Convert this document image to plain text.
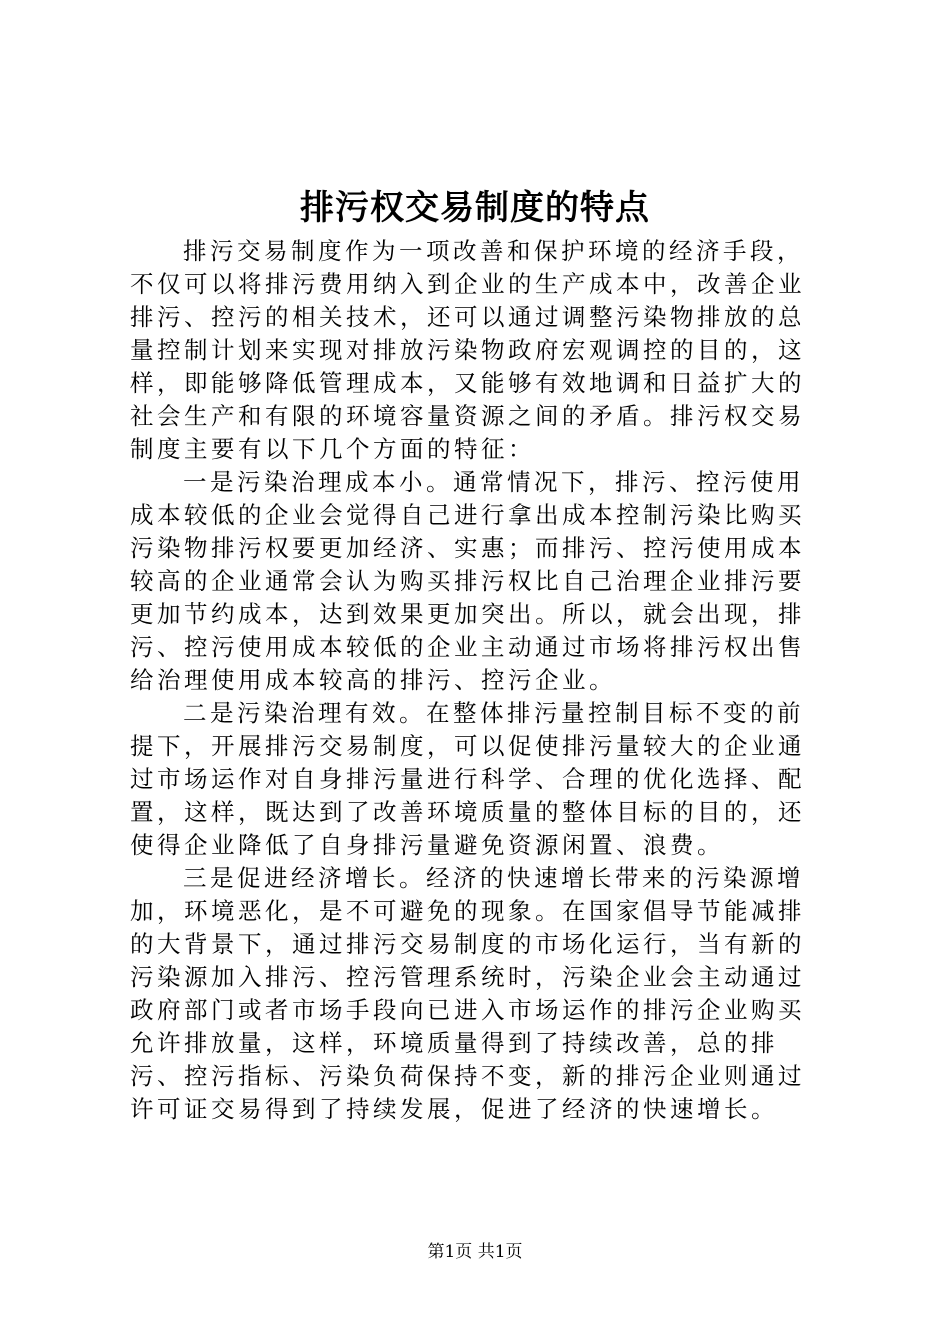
排污权交易制度的特点

排污交易制度作为一项改善和保护环境的经济手段，不仅可以将排污费用纳入到企业的生产成本中，改善企业排污、控污的相关技术，还可以通过调整污染物排放的总量控制计划来实现对排放污染物政府宏观调控的目的，这样，即能够降低管理成本，又能够有效地调和日益扩大的社会生产和有限的环境容量资源之间的矛盾。排污权交易制度主要有以下几个方面的特征：

一是污染治理成本小。通常情况下，排污、控污使用成本较低的企业会觉得自己进行拿出成本控制污染比购买污染物排污权要更加经济、实惠；而排污、控污使用成本较高的企业通常会认为购买排污权比自己治理企业排污要更加节约成本，达到效果更加突出。所以，就会出现，排污、控污使用成本较低的企业主动通过市场将排污权出售给治理使用成本较高的排污、控污企业。

二是污染治理有效。在整体排污量控制目标不变的前提下，开展排污交易制度，可以促使排污量较大的企业通过市场运作对自身排污量进行科学、合理的优化选择、配置，这样，既达到了改善环境质量的整体目标的目的，还使得企业降低了自身排污量避免资源闲置、浪费。

三是促进经济增长。经济的快速增长带来的污染源增加，环境恶化，是不可避免的现象。在国家倡导节能减排的大背景下，通过排污交易制度的市场化运行，当有新的污染源加入排污、控污管理系统时，污染企业会主动通过政府部门或者市场手段向已进入市场运作的排污企业购买允许排放量，这样，环境质量得到了持续改善，总的排污、控污指标、污染负荷保持不变，新的排污企业则通过许可证交易得到了持续发展，促进了经济的快速增长。

第1页 共1页
